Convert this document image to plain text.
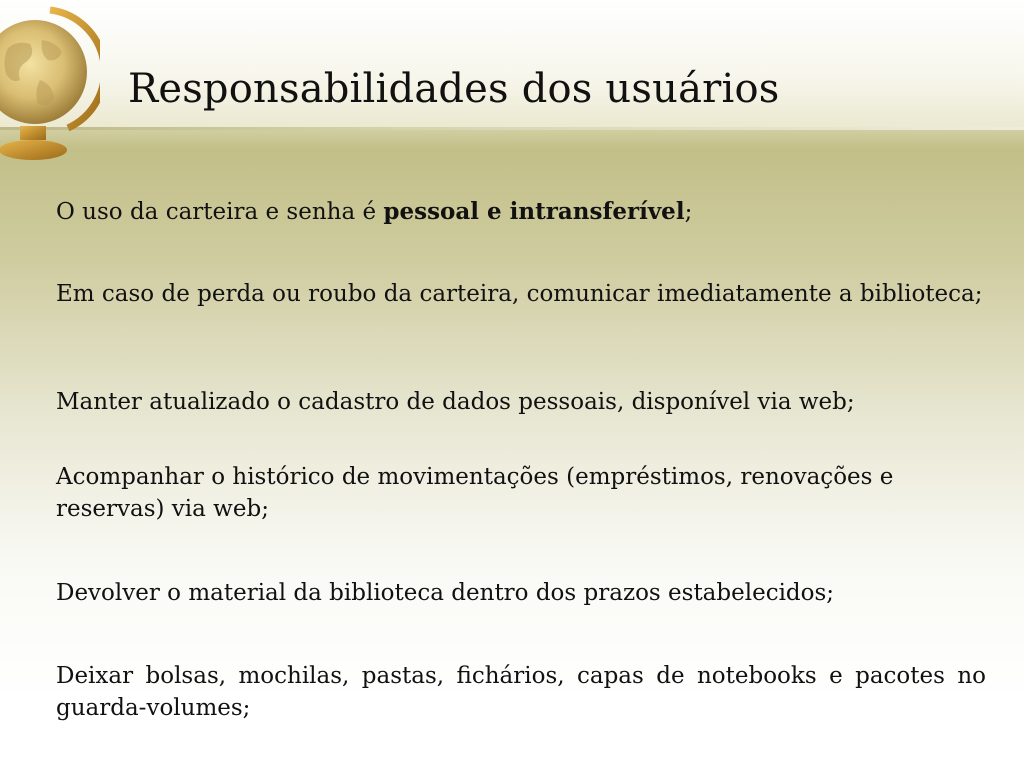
Responsabilidades dos usuários

O uso da carteira e senha é pessoal e intransferível;

Em caso de perda ou roubo da carteira, comunicar imediatamente a biblioteca;

Manter atualizado o cadastro de dados pessoais, disponível via web;

Acompanhar o histórico de movimentações (empréstimos, renovações e reservas) via web;

Devolver o material da biblioteca dentro dos prazos estabelecidos;

Deixar bolsas, mochilas, pastas, fichários, capas de notebooks e pacotes no guarda-volumes;
